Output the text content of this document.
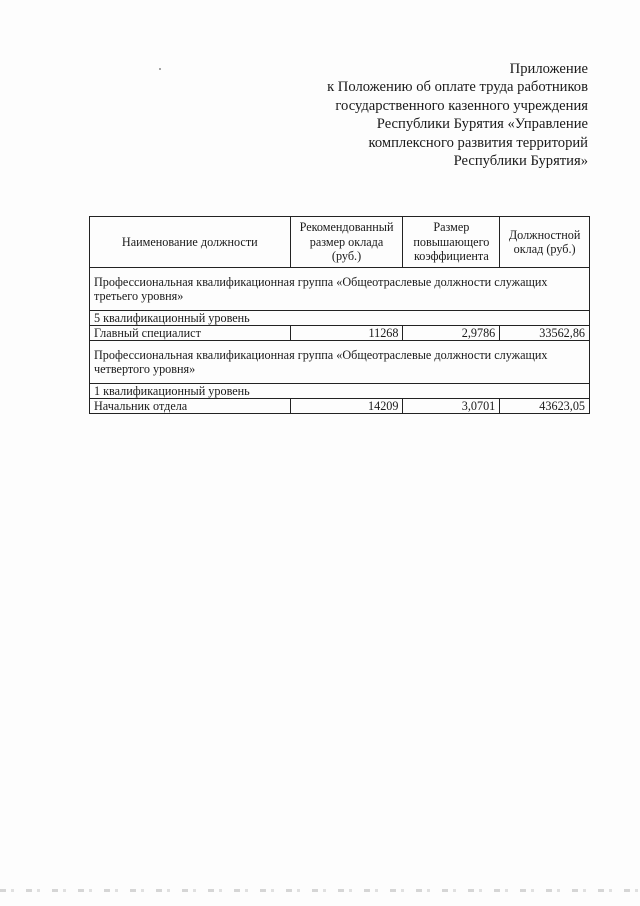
Приложение
к Положению об оплате труда работников
государственного казенного учреждения
Республики Бурятия «Управление
комплексного развития территорий
Республики Бурятия»
Наименование должности	Рекомендованный размер оклада (руб.)	Размер повышающего коэффициента	Должностной оклад (руб.)
Профессиональная квалификационная группа «Общеотраслевые должности служащих третьего уровня»			
5 квалификационный уровень			
Главный специалист	11268	2,9786	33562,86
Профессиональная квалификационная группа «Общеотраслевые должности служащих четвертого уровня»			
1 квалификационный уровень			
Начальник отдела	14209	3,0701	43623,05
